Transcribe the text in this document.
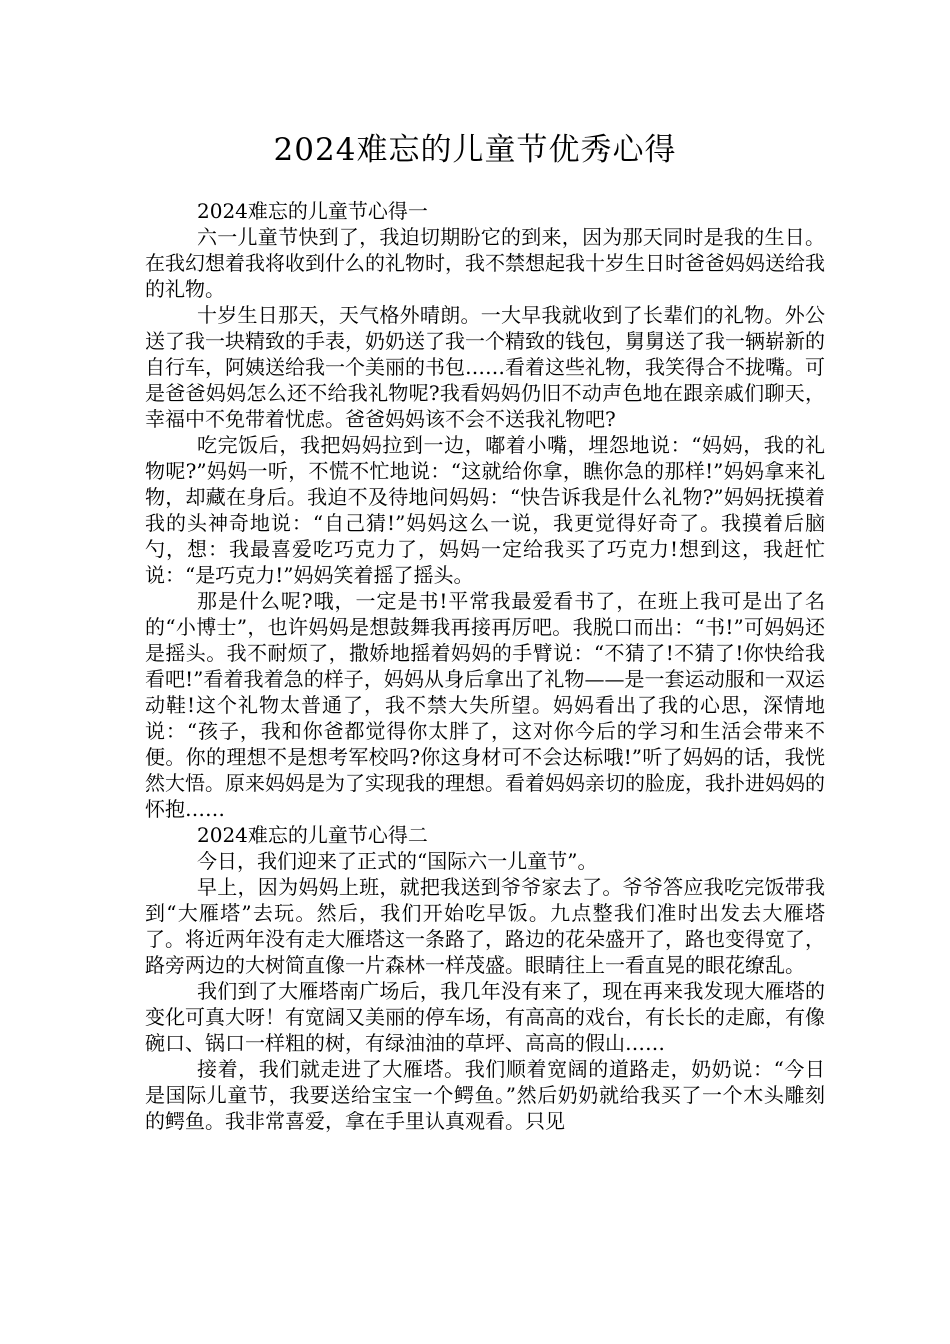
2024难忘的儿童节优秀心得

2024难忘的儿童节心得一

六一儿童节快到了，我迫切期盼它的到来，因为那天同时是我的生日。在我幻想着我将收到什么的礼物时，我不禁想起我十岁生日时爸爸妈妈送给我的礼物。

十岁生日那天，天气格外晴朗。一大早我就收到了长辈们的礼物。外公送了我一块精致的手表，奶奶送了我一个精致的钱包，舅舅送了我一辆崭新的自行车，阿姨送给我一个美丽的书包……看着这些礼物，我笑得合不拢嘴。可是爸爸妈妈怎么还不给我礼物呢?我看妈妈仍旧不动声色地在跟亲戚们聊天，幸福中不免带着忧虑。爸爸妈妈该不会不送我礼物吧?

吃完饭后，我把妈妈拉到一边，嘟着小嘴，埋怨地说：“妈妈，我的礼物呢?”妈妈一听，不慌不忙地说：“这就给你拿，瞧你急的那样!”妈妈拿来礼物，却藏在身后。我迫不及待地问妈妈：“快告诉我是什么礼物?”妈妈抚摸着我的头神奇地说：“自己猜!”妈妈这么一说，我更觉得好奇了。我摸着后脑勺，想：我最喜爱吃巧克力了，妈妈一定给我买了巧克力!想到这，我赶忙说：“是巧克力!”妈妈笑着摇了摇头。

那是什么呢?哦，一定是书!平常我最爱看书了，在班上我可是出了名的“小博士”，也许妈妈是想鼓舞我再接再厉吧。我脱口而出：“书!”可妈妈还是摇头。我不耐烦了，撒娇地摇着妈妈的手臂说：“不猜了!不猜了!你快给我看吧!”看着我着急的样子，妈妈从身后拿出了礼物——是一套运动服和一双运动鞋!这个礼物太普通了，我不禁大失所望。妈妈看出了我的心思，深情地说：“孩子，我和你爸都觉得你太胖了，这对你今后的学习和生活会带来不便。你的理想不是想考军校吗?你这身材可不会达标哦!”听了妈妈的话，我恍然大悟。原来妈妈是为了实现我的理想。看着妈妈亲切的脸庞，我扑进妈妈的怀抱……

2024难忘的儿童节心得二

今日，我们迎来了正式的“国际六一儿童节”。

早上，因为妈妈上班，就把我送到爷爷家去了。爷爷答应我吃完饭带我到“大雁塔”去玩。然后，我们开始吃早饭。九点整我们准时出发去大雁塔了。将近两年没有走大雁塔这一条路了，路边的花朵盛开了，路也变得宽了，路旁两边的大树简直像一片森林一样茂盛。眼睛往上一看直晃的眼花缭乱。

我们到了大雁塔南广场后，我几年没有来了，现在再来我发现大雁塔的变化可真大呀！有宽阔又美丽的停车场，有高高的戏台，有长长的走廊，有像碗口、锅口一样粗的树，有绿油油的草坪、高高的假山……

接着，我们就走进了大雁塔。我们顺着宽阔的道路走，奶奶说：“今日是国际儿童节，我要送给宝宝一个鳄鱼。”然后奶奶就给我买了一个木头雕刻的鳄鱼。我非常喜爱，拿在手里认真观看。只见
